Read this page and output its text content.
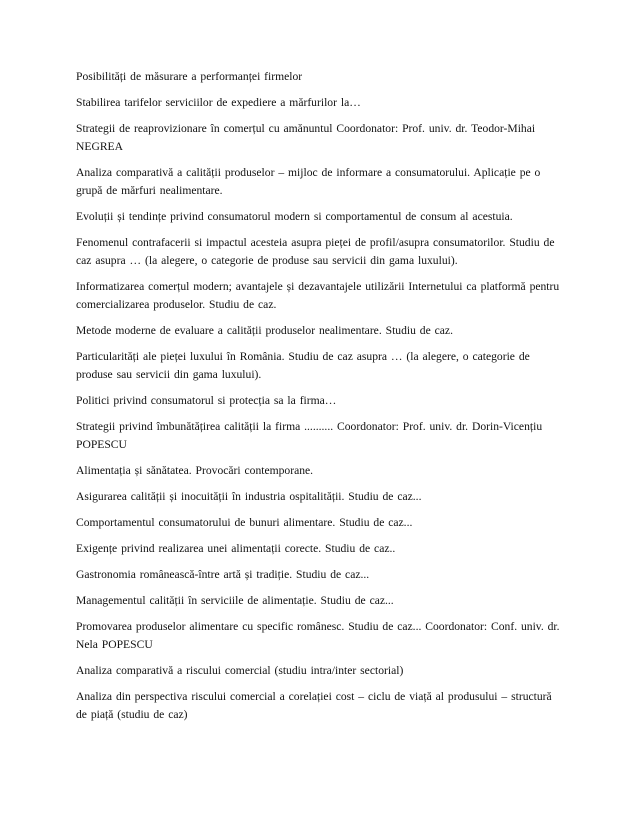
Posibilități de măsurare a performanței firmelor

Stabilirea tarifelor serviciilor de expediere a mărfurilor la…

Strategii de reaprovizionare în comerțul cu amănuntul Coordonator: Prof. univ. dr. Teodor-Mihai NEGREA

Analiza comparativă a calității produselor – mijloc de informare a consumatorului. Aplicație pe o grupă de mărfuri nealimentare.

Evoluții și tendințe privind consumatorul modern si comportamentul de consum al acestuia.

Fenomenul contrafacerii si impactul acesteia asupra pieței de profil/asupra consumatorilor. Studiu de caz asupra … (la alegere, o categorie de produse sau servicii din gama luxului).

Informatizarea comerțul modern; avantajele și dezavantajele utilizării Internetului ca platformă pentru comercializarea produselor. Studiu de caz.

Metode moderne de evaluare a calității produselor nealimentare. Studiu de caz.

Particularități ale pieței luxului în România. Studiu de caz asupra … (la alegere, o categorie de produse sau servicii din gama luxului).

Politici privind consumatorul si protecția sa la firma…

Strategii privind îmbunătățirea calității la firma .......... Coordonator: Prof. univ. dr. Dorin-Vicențiu POPESCU

Alimentația și sănătatea. Provocări contemporane.

Asigurarea calității și inocuității în industria ospitalității. Studiu de caz...

Comportamentul consumatorului de bunuri alimentare. Studiu de caz...

Exigențe privind realizarea unei alimentații corecte. Studiu de caz..

Gastronomia românească-între artă și tradiție. Studiu de caz...

Managementul calității în serviciile de alimentație. Studiu de caz...

Promovarea produselor alimentare cu specific românesc. Studiu de caz... Coordonator: Conf. univ. dr. Nela POPESCU

Analiza comparativă a riscului comercial (studiu intra/inter sectorial)

Analiza din perspectiva riscului comercial a corelației cost – ciclu de viață al produsului – structură de piață (studiu de caz)
